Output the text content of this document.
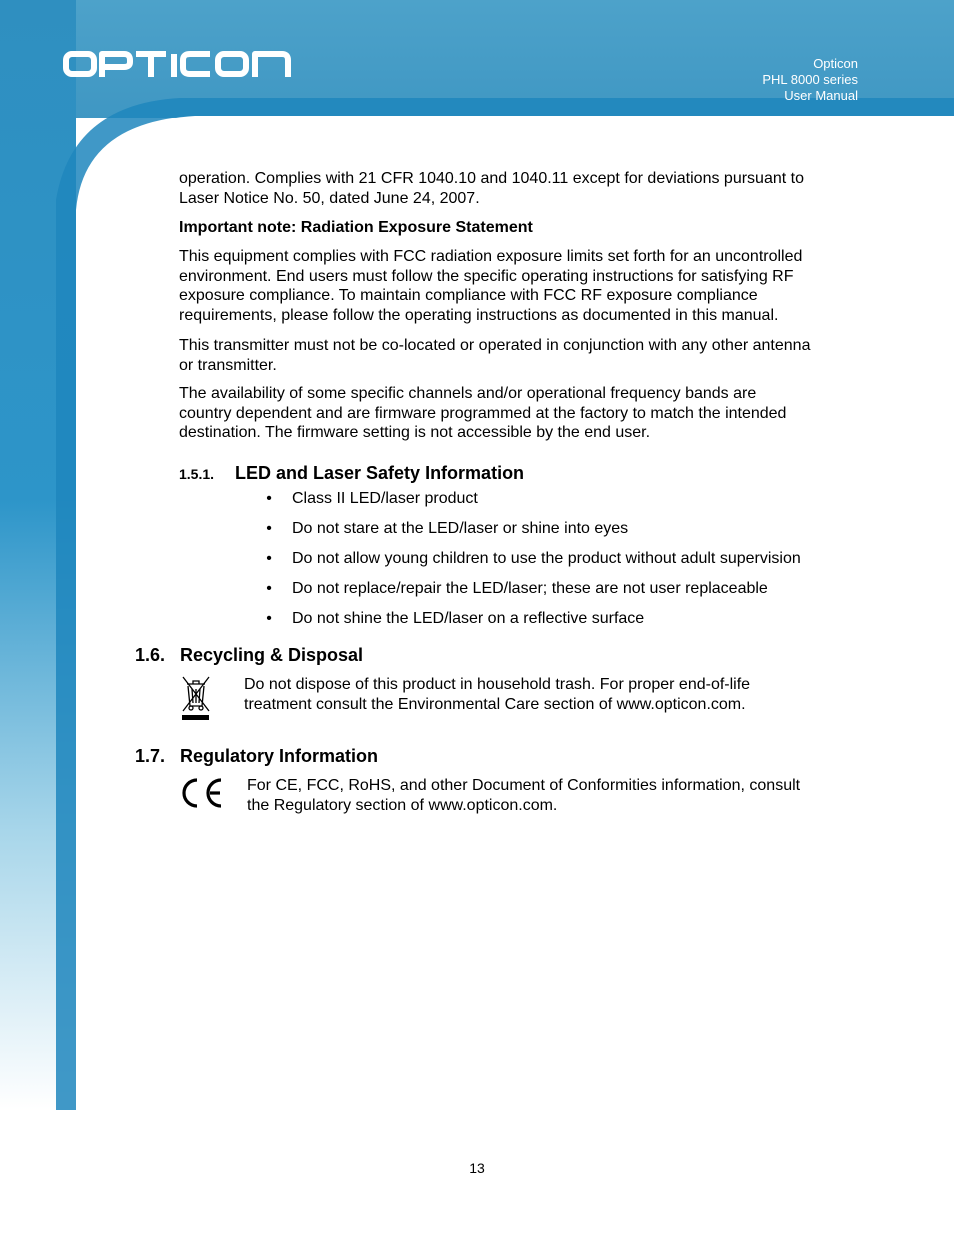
Opticon
PHL 8000 series
User Manual
operation. Complies with 21 CFR 1040.10 and 1040.11 except for deviations pursuant to
Laser Notice No. 50, dated June 24, 2007.
Important note: Radiation Exposure Statement
This equipment complies with FCC radiation exposure limits set forth for an uncontrolled
environment. End users must follow the specific operating instructions for satisfying RF
exposure compliance. To maintain compliance with FCC RF exposure compliance
requirements, please follow the operating instructions as documented in this manual.
This transmitter must not be co-located or operated in conjunction with any other antenna
or transmitter.
The availability of some specific channels and/or operational frequency bands are
country dependent and are firmware programmed at the factory to match the intended
destination. The firmware setting is not accessible by the end user.
1.5.1. LED and Laser Safety Information
• Class II LED/laser product
• Do not stare at the LED/laser or shine into eyes
• Do not allow young children to use the product without adult supervision
• Do not replace/repair the LED/laser; these are not user replaceable
• Do not shine the LED/laser on a reflective surface
1.6. Recycling & Disposal
Do not dispose of this product in household trash. For proper end-of-life
treatment consult the Environmental Care section of www.opticon.com.
1.7. Regulatory Information
For CE, FCC, RoHS, and other Document of Conformities information, consult
the Regulatory section of www.opticon.com.
13
